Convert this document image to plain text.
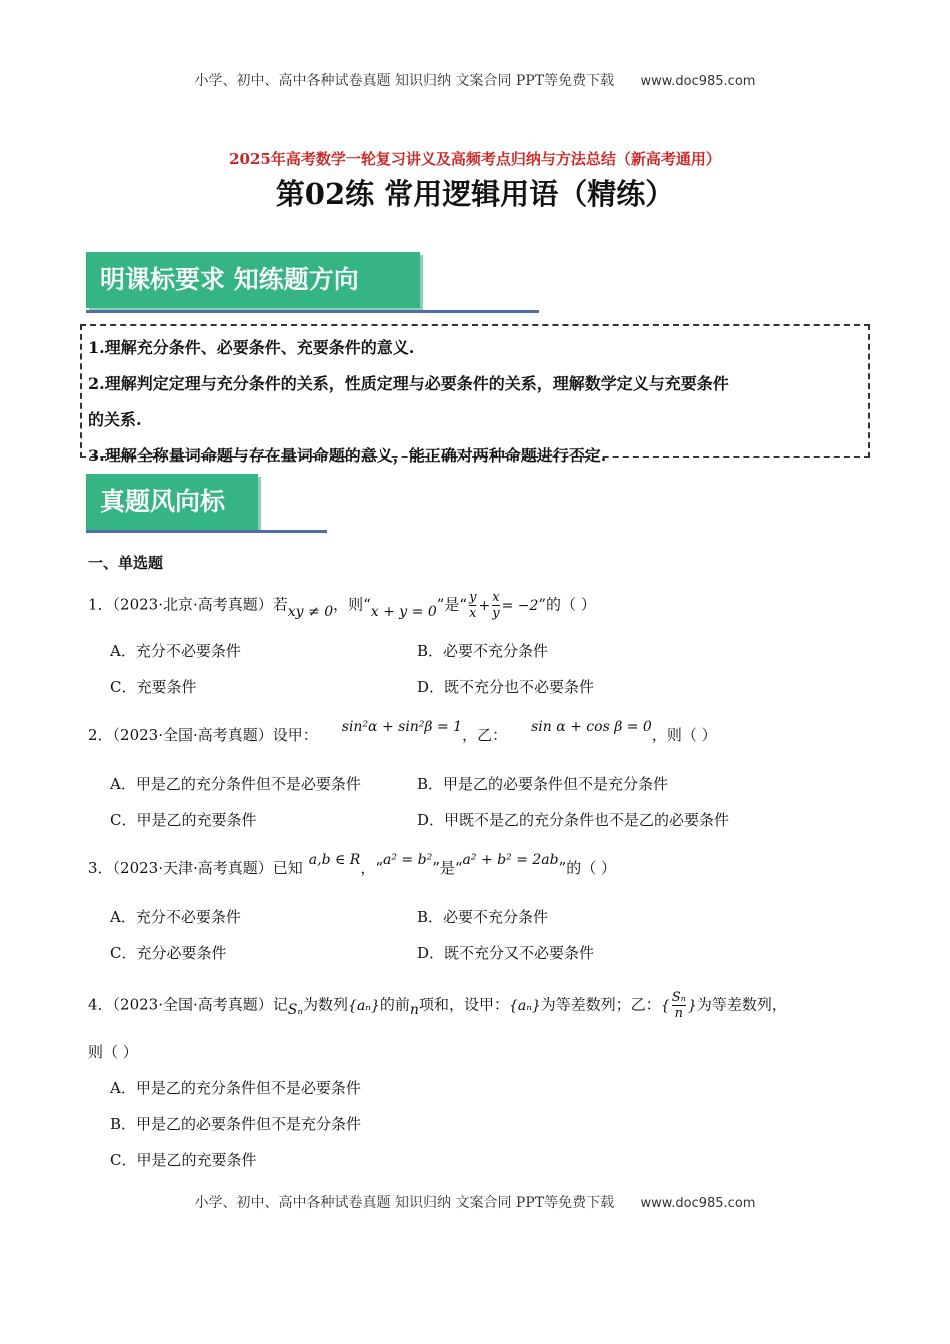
小学、初中、高中各种试卷真题 知识归纳 文案合同 PPT等免费下载 www.doc985.com
2025年高考数学一轮复习讲义及高频考点归纳与方法总结（新高考通用）
第02练 常用逻辑用语（精练）
明课标要求 知练题方向

1.理解充分条件、必要条件、充要条件的意义.

2.理解判定定理与充分条件的关系，性质定理与必要条件的关系，理解数学定义与充要条件

的关系.

3.理解全称量词命题与存在量词命题的意义，能正确对两种命题进行否定.

真题风向标
一、单选题
1．（2023·北京·高考真题）若xy ≠ 0，则“x + y = 0”是“ $\frac{y}{x} + \frac{x}{y} = -2$”的（ ）
A．充分不必要条件	B．必要不充分条件
C．充要条件	D．既不充分也不必要条件
2．（2023·全国·高考真题）设甲： sin²α + sin²β = 1，乙： sin α + cos β = 0，则（ ）
A．甲是乙的充分条件但不是必要条件	B．甲是乙的必要条件但不是充分条件
C．甲是乙的充要条件	D．甲既不是乙的充分条件也不是乙的必要条件
3．（2023·天津·高考真题）已知 a,b ∈ R，“a² = b²”是“a² + b² = 2ab”的（ ）
A．充分不必要条件	B．必要不充分条件
C．充分必要条件	D．既不充分又不必要条件
4．（2023·全国·高考真题）记Sₙ为数列{aₙ}的前n项和，设甲：{aₙ}为等差数列；乙：{ $\frac{\text{Sₙ}}{n}$ }为等差数列，
则（ ）
A．甲是乙的充分条件但不是必要条件
B．甲是乙的必要条件但不是充分条件
C．甲是乙的充要条件
小学、初中、高中各种试卷真题 知识归纳 文案合同 PPT等免费下载 www.doc985.com
